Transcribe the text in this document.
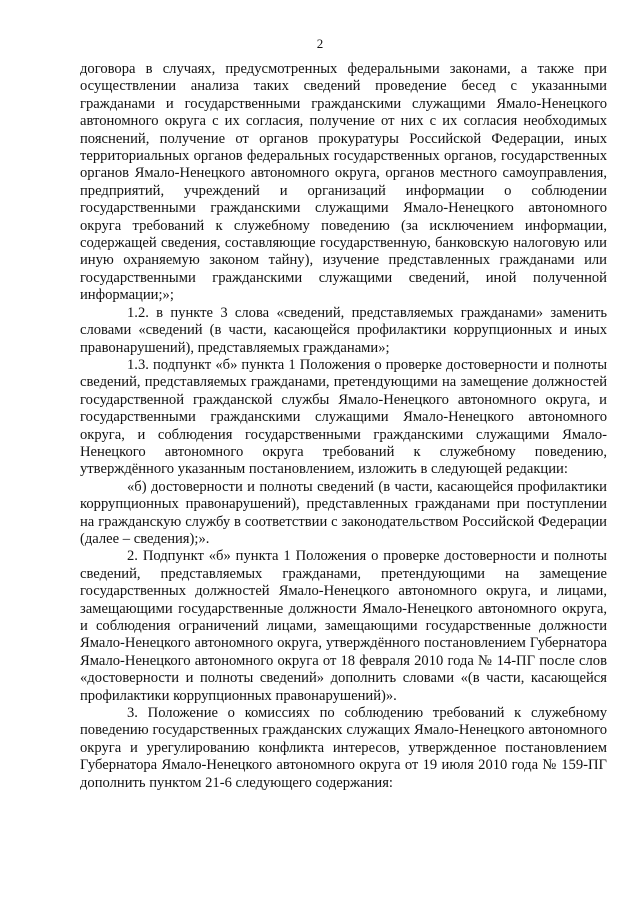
2

договора в случаях, предусмотренных федеральными законами, а также при осуществлении анализа таких сведений проведение бесед с указанными гражданами и государственными гражданскими служащими Ямало-Ненецкого автономного округа с их согласия, получение от них с их согласия необходимых пояснений, получение от органов прокуратуры Российской Федерации, иных территориальных органов федеральных государственных органов, государственных органов Ямало-Ненецкого автономного округа, органов местного самоуправления, предприятий, учреждений и организаций информации о соблюдении государственными гражданскими служащими Ямало-Ненецкого автономного округа требований к служебному поведению (за исключением информации, содержащей сведения, составляющие государственную, банковскую налоговую или иную охраняемую законом тайну), изучение представленных гражданами или государственными гражданскими служащими сведений, иной полученной информации;»;

1.2. в пункте 3 слова «сведений, представляемых гражданами» заменить словами «сведений (в части, касающейся профилактики коррупционных и иных правонарушений), представляемых гражданами»;

1.3. подпункт «б» пункта 1 Положения о проверке достоверности и полноты сведений, представляемых гражданами, претендующими на замещение должностей государственной гражданской службы Ямало-Ненецкого автономного округа, и государственными гражданскими служащими Ямало-Ненецкого автономного округа, и соблюдения государственными гражданскими служащими Ямало-Ненецкого автономного округа требований к служебному поведению, утверждённого указанным постановлением, изложить в следующей редакции:

«б) достоверности и полноты сведений (в части, касающейся профилактики коррупционных правонарушений), представленных гражданами при поступлении на гражданскую службу в соответствии с законодательством Российской Федерации (далее – сведения);».

2. Подпункт «б» пункта 1 Положения о проверке достоверности и полноты сведений, представляемых гражданами, претендующими на замещение государственных должностей Ямало-Ненецкого автономного округа, и лицами, замещающими государственные должности Ямало-Ненецкого автономного округа, и соблюдения ограничений лицами, замещающими государственные должности Ямало-Ненецкого автономного округа, утверждённого постановлением Губернатора Ямало-Ненецкого автономного округа от 18 февраля 2010 года № 14-ПГ после слов «достоверности и полноты сведений» дополнить словами «(в части, касающейся профилактики коррупционных правонарушений)».

3. Положение о комиссиях по соблюдению требований к служебному поведению государственных гражданских служащих Ямало-Ненецкого автономного округа и урегулированию конфликта интересов, утвержденное постановлением Губернатора Ямало-Ненецкого автономного округа от 19 июля 2010 года № 159-ПГ дополнить пунктом 21-6 следующего содержания:
